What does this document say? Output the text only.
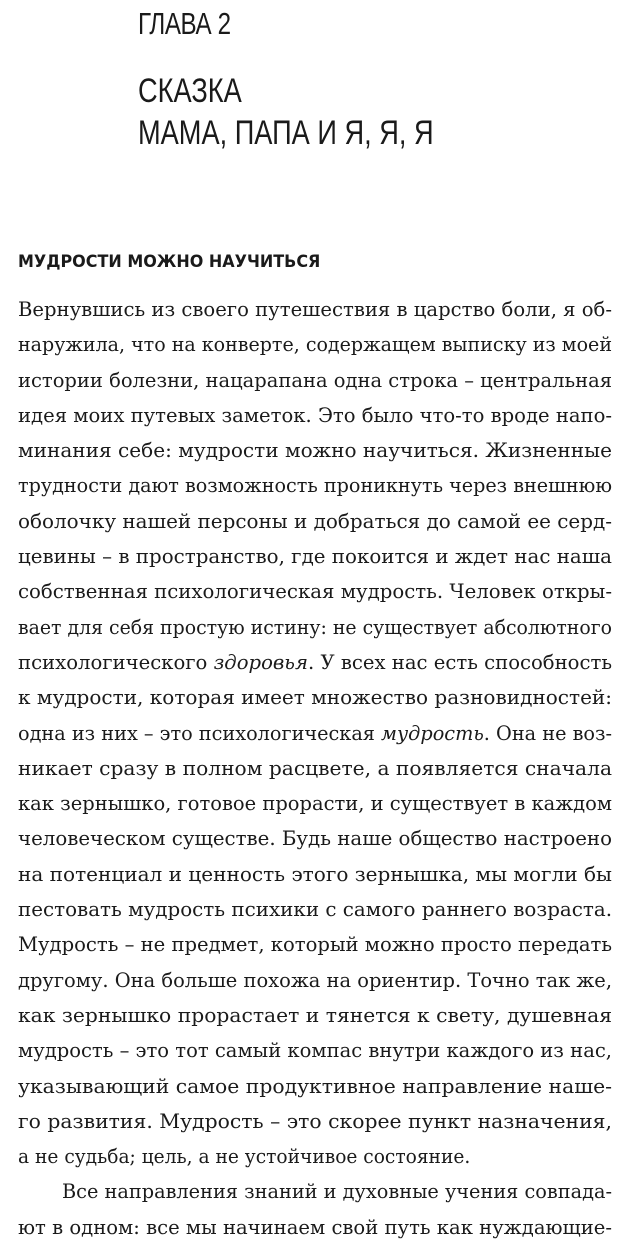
ГЛАВА 2
СКАЗКА
МАМА, ПАПА И Я, Я, Я
МУДРОСТИ МОЖНО НАУЧИТЬСЯ
Вернувшись из своего путешествия в царство боли, я об-
наружила, что на конверте, содержащем выписку из моей
истории болезни, нацарапана одна строка – центральная
идея моих путевых заметок. Это было что-то вроде напо-
минания себе: мудрости можно научиться. Жизненные
трудности дают возможность проникнуть через внешнюю
оболочку нашей персоны и добраться до самой ее серд-
цевины – в пространство, где покоится и ждет нас наша
собственная психологическая мудрость. Человек откры-
вает для себя простую истину: не существует абсолютного
психологического здоровья. У всех нас есть способность
к мудрости, которая имеет множество разновидностей:
одна из них – это психологическая мудрость. Она не воз-
никает сразу в полном расцвете, а появляется сначала
как зернышко, готовое прорасти, и существует в каждом
человеческом существе. Будь наше общество настроено
на потенциал и ценность этого зернышка, мы могли бы
пестовать мудрость психики с самого раннего возраста.
Мудрость – не предмет, который можно просто передать
другому. Она больше похожа на ориентир. Точно так же,
как зернышко прорастает и тянется к свету, душевная
мудрость – это тот самый компас внутри каждого из нас,
указывающий самое продуктивное направление наше-
го развития. Мудрость – это скорее пункт назначения,
а не судьба; цель, а не устойчивое состояние.
Все направления знаний и духовные учения совпада-
ют в одном: все мы начинаем свой путь как нуждающие-
